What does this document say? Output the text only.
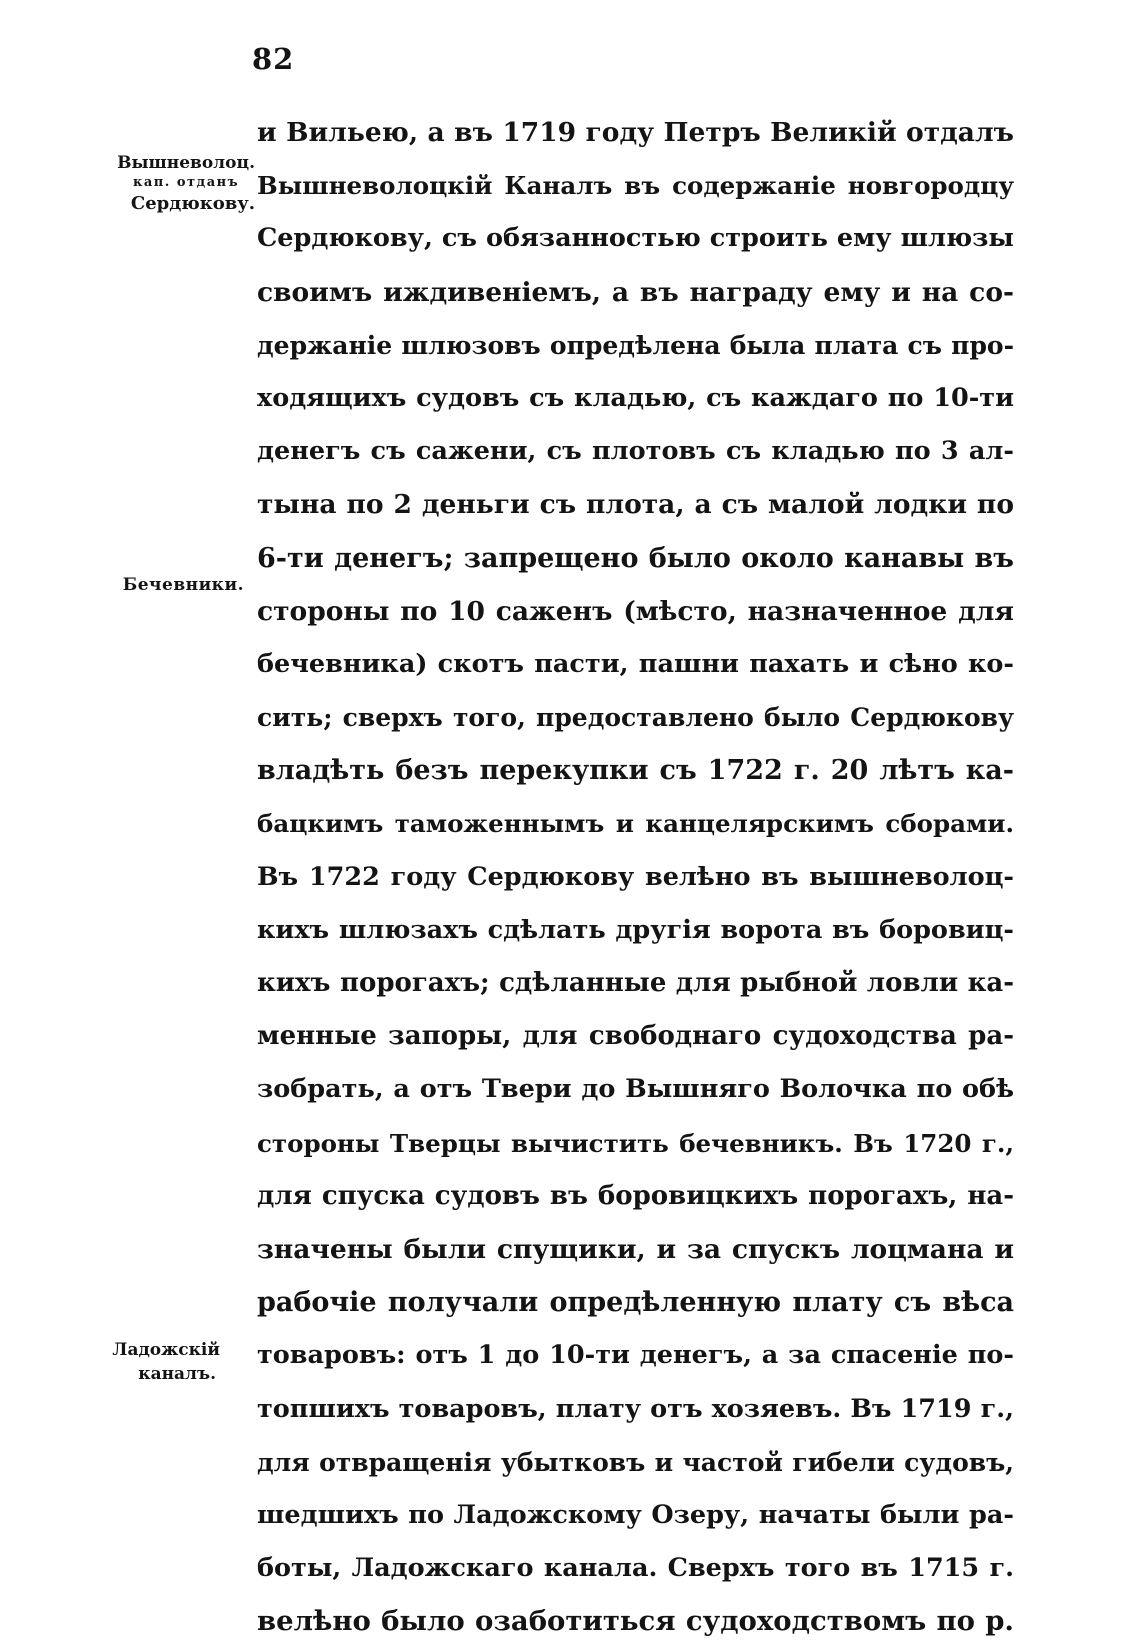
82
Вышневолоц.
кап. отданъ
Сердюкову.
Бечевники.
Ладожскій
каналъ.
и Вильею, а въ 1719 году Петръ Великій отдалъ
Вышневолоцкій Каналъ въ содержаніе новгородцу
Сердюкову, съ обязанностью строить ему шлюзы
своимъ иждивеніемъ, а въ награду ему и на со-
держаніе шлюзовъ опредѣлена была плата съ про-
ходящихъ судовъ съ кладью, съ каждаго по 10-ти
денегъ съ сажени, съ плотовъ съ кладью по 3 ал-
тына по 2 деньги съ плота, а съ малой лодки по
6-ти денегъ; запрещено было около канавы въ
стороны по 10 саженъ (мѣсто, назначенное для
бечевника) скотъ пасти, пашни пахать и сѣно ко-
сить; сверхъ того, предоставлено было Сердюкову
владѣть безъ перекупки съ 1722 г. 20 лѣтъ ка-
бацкимъ таможеннымъ и канцелярскимъ сборами.
Въ 1722 году Сердюкову велѣно въ вышневолоц-
кихъ шлюзахъ сдѣлать другія ворота въ боровиц-
кихъ порогахъ; сдѣланные для рыбной ловли ка-
менные запоры, для свободнаго судоходства ра-
зобрать, а отъ Твери до Вышняго Волочка по обѣ
стороны Тверцы вычистить бечевникъ. Въ 1720 г.,
для спуска судовъ въ боровицкихъ порогахъ, на-
значены были спущики, и за спускъ лоцмана и
рабочіе получали опредѣленную плату съ вѣса
товаровъ: отъ 1 до 10-ти денегъ, а за спасеніе по-
топшихъ товаровъ, плату отъ хозяевъ. Въ 1719 г.,
для отвращенія убытковъ и частой гибели судовъ,
шедшихъ по Ладожскому Озеру, начаты были ра-
боты, Ладожскаго канала. Сверхъ того въ 1715 г.
велѣно было озаботиться судоходствомъ по р.
